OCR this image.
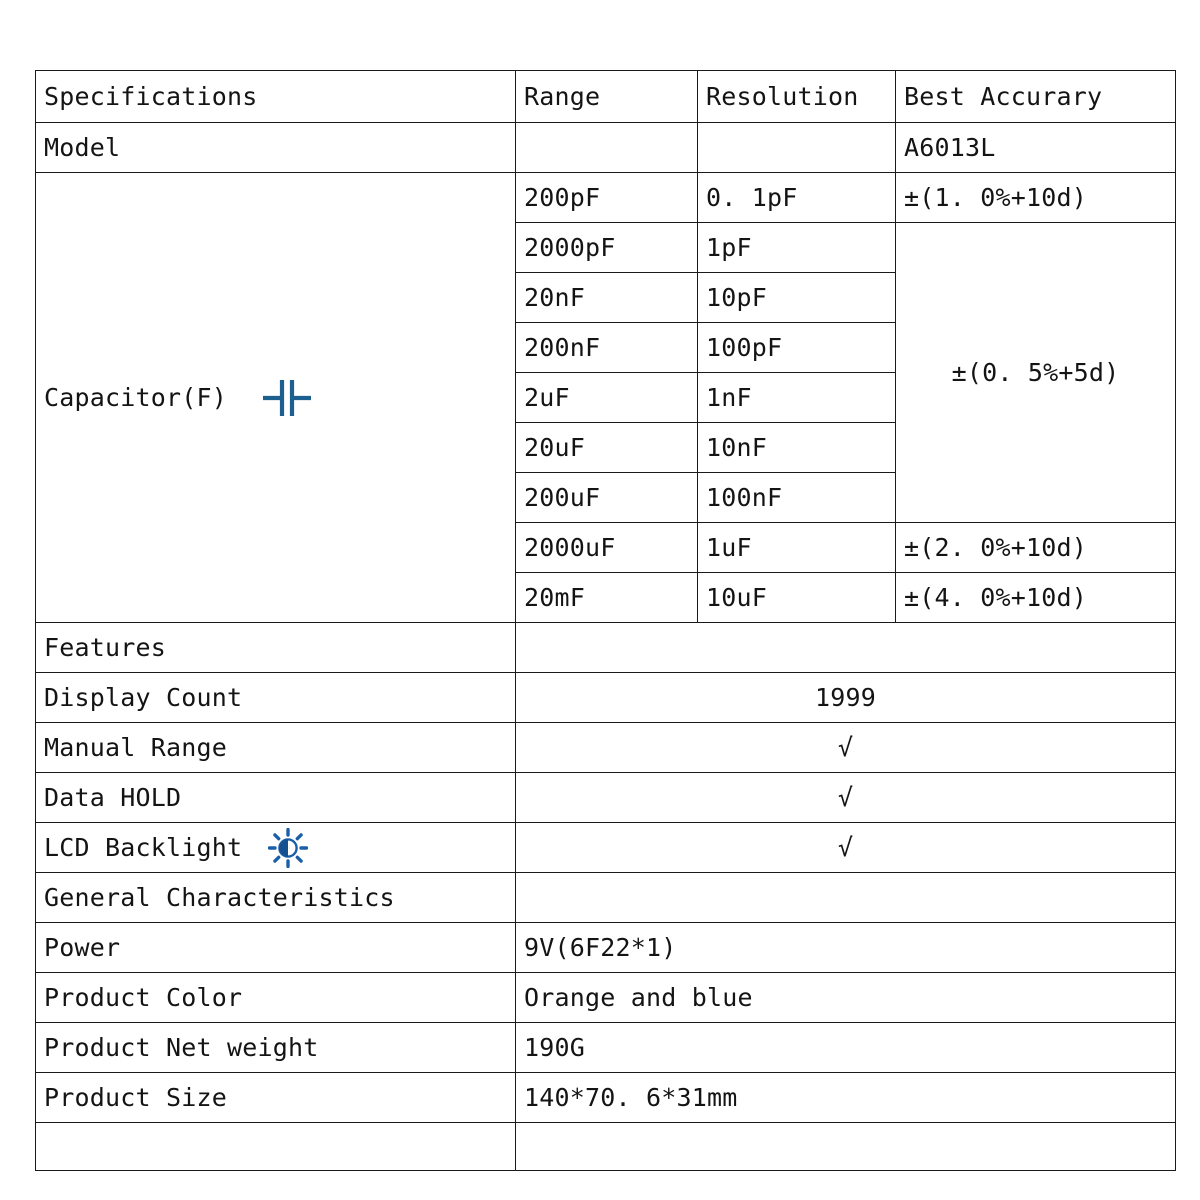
Specifications	Range	Resolution	Best Accurary
Model			A6013L

Capacitor(F)	200pF	0. 1pF	±(1. 0%+10d)
	2000pF	1pF	±(0. 5%+5d)
	20nF	10pF	
	200nF	100pF	
	2uF	1nF	
	20uF	10nF	
	200uF	100nF	
	2000uF	1uF	±(2. 0%+10d)
	20mF	10uF	±(4. 0%+10d)
Features			
Display Count	1999		
Manual Range	√		
Data HOLD	√		

LCD Backlight	√		
General Characteristics			
Power	9V(6F22*1)		
Product Color	Orange and blue		
Product Net weight	190G		
Product Size	140*70. 6*31mm		
